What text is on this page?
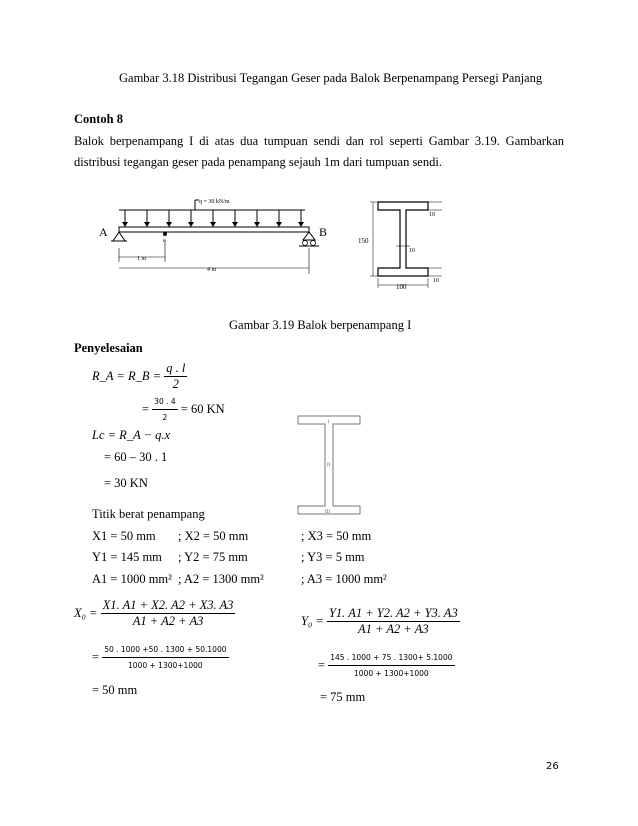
Gambar 3.18 Distribusi Tegangan Geser pada Balok Berpenampang Persegi Panjang
Contoh 8
Balok berpenampang I di atas dua tumpuan sendi dan rol seperti Gambar 3.19. Gambarkan
distribusi tegangan geser pada penampang sejauh 1m dari tumpuan sendi.
q = 30 kN/m
c
A	B
1 m
4 m
150
10
10
10
100
Gambar 3.19 Balok berpenampang I
Penyelesaian
R_A = R_B = $\frac{q . l}{2}$
= $\frac{30 . 4}{2} = 60$ KN
Lc = R_A − q.x
= 60 – 30 . 1
= 30 KN
1
II
III
Titik berat penampang
X1 = 50 mm ; X2 = 50 mm	; X3 = 50 mm
Y1 = 145 mm ; Y2 = 75 mm	; Y3 = 5 mm
A1 = 1000 mm² ; A2 = 1300 mm²	; A3 = 1000 mm²
$X_0 = \frac{X1. A1 + X2. A2 + X3. A3}{A1 + A2 + A3}$
= $\frac{50 . 1000 +50 . 1300 + 50.1000}{1000 + 1300+1000}$
= 50 mm
$Y_0 = \frac{Y1. A1 + Y2. A2 + Y3. A3}{A1 + A2 + A3}$
= $\frac{145 . 1000 + 75 . 1300+ 5.1000}{1000 + 1300+1000}$
= 75 mm
26
